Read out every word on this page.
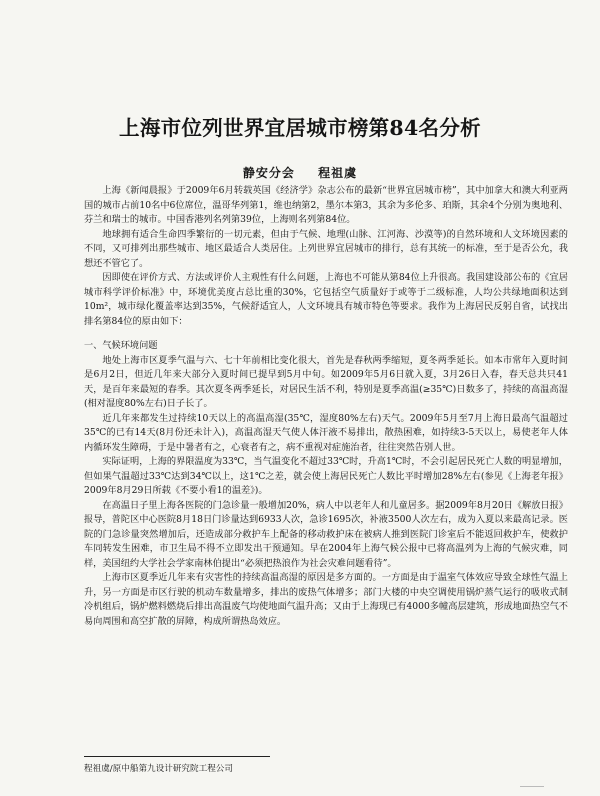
上海市位列世界宜居城市榜第84名分析
静安分会 程祖虞

上海《新闻晨报》于2009年6月转载英国《经济学》杂志公布的最新“世界宜居城市榜”，其中加拿大和澳大利亚两国的城市占前10名中6位席位，温哥华列第1，维也纳第2，墨尔本第3，其余为多伦多、珀斯，其余4个分别为奥地利、芬兰和瑞士的城市。中国香港列名列第39位，上海则名列第84位。

地球拥有适合生命四季繁衍的一切元素，但由于气候、地理(山脉、江河海、沙漠等)的自然环境和人文环境因素的不同，又可排列出那些城市、地区最适合人类居住。上列世界宜居城市的排行，总有其统一的标准，至于是否公允，我想还不管它了。

因即使在评价方式、方法或评价人主观性有什么问题，上海也不可能从第84位上升很高。我国建设部公布的《宜居城市科学评价标准》中，环境优美度占总比重的30%，它包括空气质量好于或等于二级标准，人均公共绿地面积达到10m²，城市绿化覆盖率达到35%，气候舒适宜人，人文环境具有城市特色等要求。我作为上海居民反躬自省，试找出排名第84位的原由如下：

一、气候环境问题

地处上海市区夏季气温与六、七十年前相比变化很大，首先是春秋两季缩短，夏冬两季延长。如本市常年入夏时间是6月2日，但近几年来大部分入夏时间已提早到5月中旬。如2009年5月6日就入夏，3月26日入春，春天总共只41天，是百年来最短的春季。其次夏冬两季延长，对居民生活不利，特别是夏季高温(≥35℃)日数多了，持续的高温高湿(相对湿度80%左右)日子长了。

近几年来都发生过持续10天以上的高温高湿(35℃，湿度80%左右)天气。2009年5月至7月上海日最高气温超过35℃的已有14天(8月份还未计入)，高温高湿天气使人体汗液不易排出，散热困难，如持续3-5天以上，易使老年人体内循环发生障碍，于是中暑者有之，心衰者有之，病不重视对症施治者，往往突然告别人世。

实际证明，上海的界限温度为33℃，当气温变化不超过33℃时，升高1℃时，不会引起居民死亡人数的明显增加，但如果气温超过33℃达到34℃以上，这1℃之差，就会使上海居民死亡人数比平时增加28%左右(参见《上海老年报》2009年8月29日所载《不要小看1的温差》)。

在高温日子里上海各医院的门急诊量一般增加20%，病人中以老年人和儿童居多。据2009年8月20日《解放日报》报导，普陀区中心医院8月18日门诊量达到6933人次，急诊1695次，补液3500人次左右，成为入夏以来最高记录。医院的门急诊量突然增加后，还造成部分救护车上配备的移动救护床在被病人推到医院门诊室后不能返回救护车，使救护车同转发生困难，市卫生局不得不立即发出干预通知。早在2004年上海气候公报中已将高温列为上海的气候灾难，同样，美国纽约大学社会学家南林伯提出“必须把热浪作为社会灾难问题看待”。

上海市区夏季近几年来有灾害性的持续高温高湿的原因是多方面的。一方面是由于温室气体效应导致全球性气温上升，另一方面是市区行驶的机动车数量增多，排出的废热气体增多；部门大楼的中央空调使用锅炉蒸气运行的吸收式制冷机组后，锅炉燃料燃烧后排出高温废气均使地面气温升高；又由于上海现已有4000多幢高层建筑，形成地面热空气不易向周围和高空扩散的屏障，构成所谓热岛效应。

程祖虞/原中船第九设计研究院工程公司
